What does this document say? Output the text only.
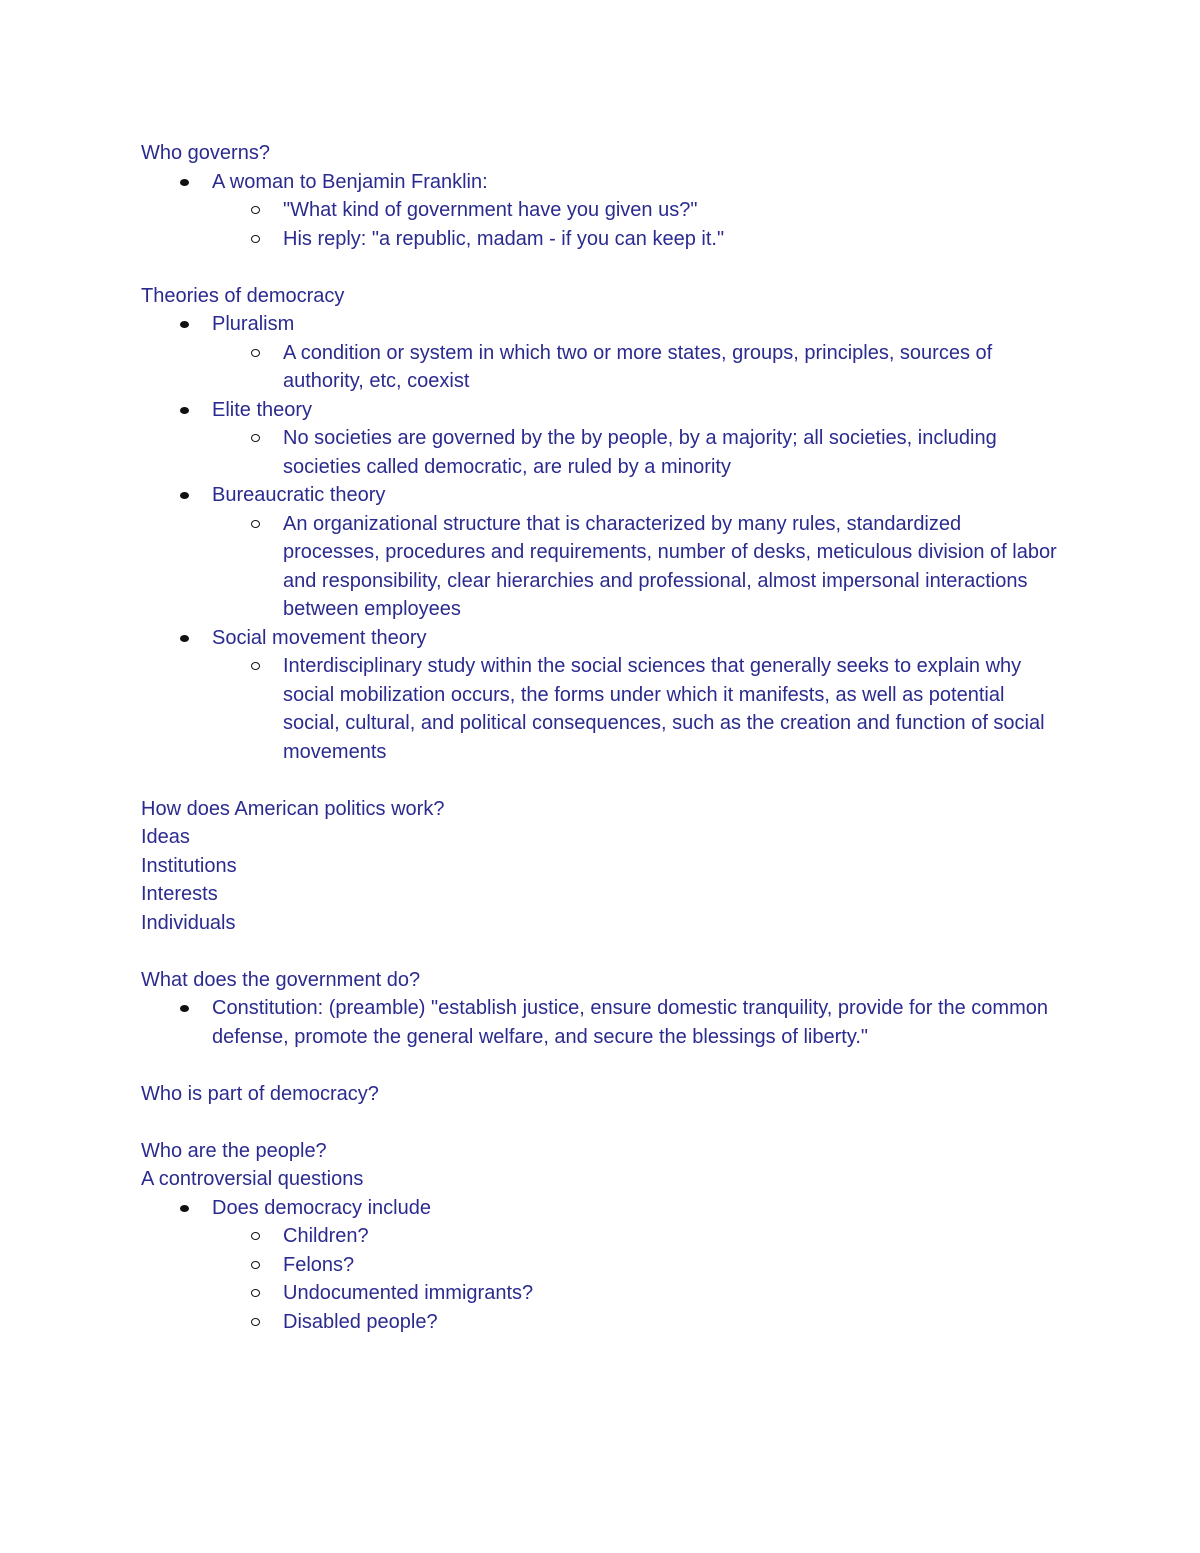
Who governs?

A woman to Benjamin Franklin:
"What kind of government have you given us?"
His reply: "a republic, madam - if you can keep it."

Theories of democracy

Pluralism
A condition or system in which two or more states, groups, principles, sources of authority, etc, coexist
Elite theory
No societies are governed by the by people, by a majority; all societies, including societies called democratic, are ruled by a minority
Bureaucratic theory
An organizational structure that is characterized by many rules, standardized processes, procedures and requirements, number of desks, meticulous division of labor and responsibility, clear hierarchies and professional, almost impersonal interactions between employees
Social movement theory
Interdisciplinary study within the social sciences that generally seeks to explain why social mobilization occurs, the forms under which it manifests, as well as potential social, cultural, and political consequences, such as the creation and function of social movements

How does American politics work?

Ideas

Institutions

Interests

Individuals

What does the government do?

Constitution: (preamble) "establish justice, ensure domestic tranquility, provide for the common defense, promote the general welfare, and secure the blessings of liberty."

Who is part of democracy?

Who are the people?

A controversial questions

Does democracy include
Children?
Felons?
Undocumented immigrants?
Disabled people?
